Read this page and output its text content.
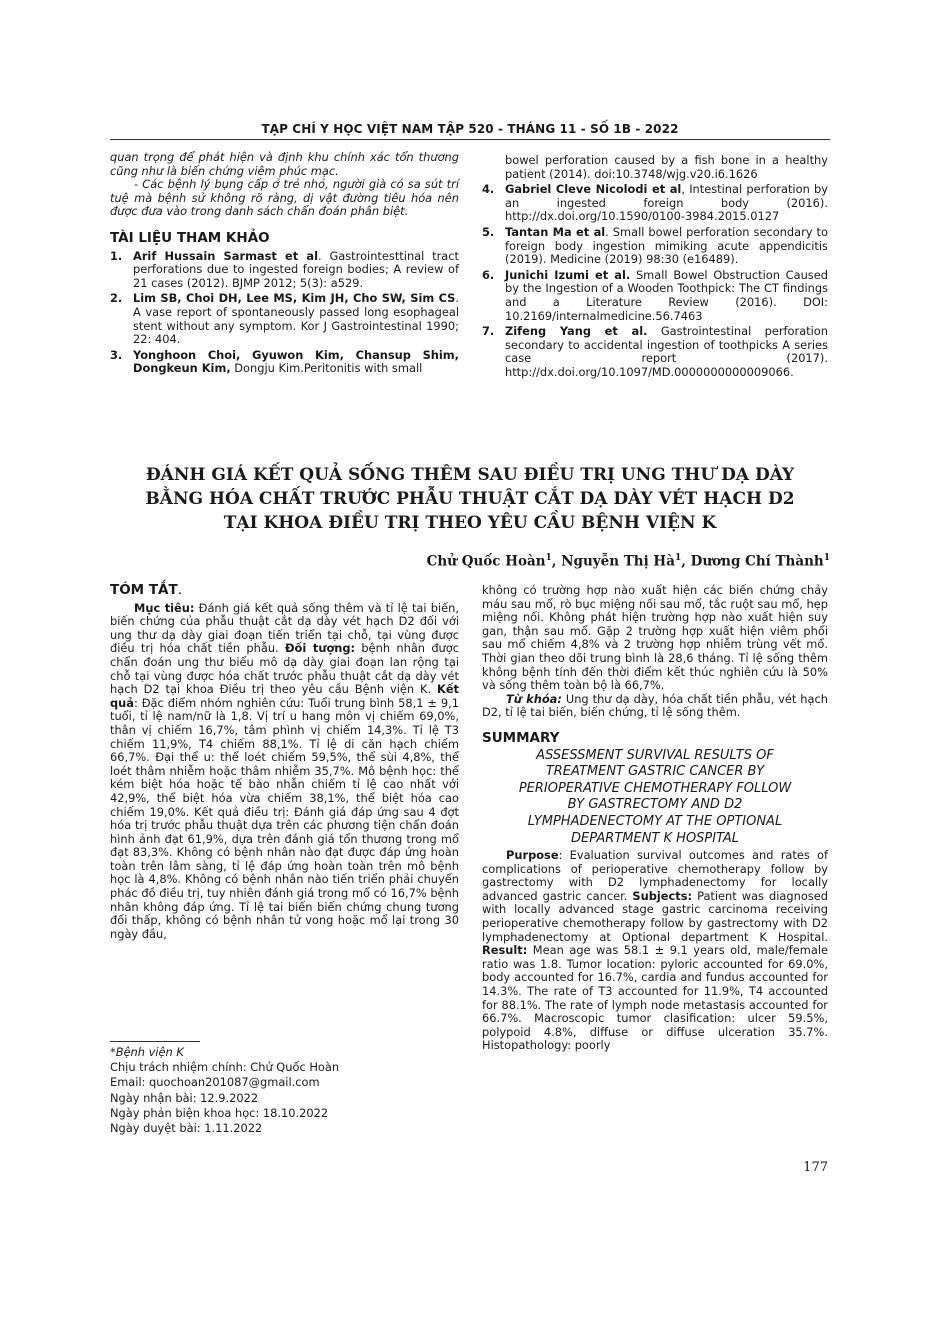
TẠP CHÍ Y HỌC VIỆT NAM TẬP 520 - THÁNG 11 - SỐ 1B - 2022

quan trọng để phát hiện và định khu chính xác tổn thương cũng như là biến chứng viêm phúc mạc.

- Các bệnh lý bụng cấp ở trẻ nhỏ, người già có sa sút trí tuệ mà bệnh sử không rõ ràng, dị vật đường tiêu hóa nên được đưa vào trong danh sách chẩn đoán phân biệt.

TÀI LIỆU THAM KHẢO
1. Arif Hussain Sarmast et al. Gastrointesttinal tract perforations due to ingested foreign bodies; A review of 21 cases (2012). BJMP 2012; 5(3): a529.
2. Lim SB, Choi DH, Lee MS, Kim JH, Cho SW, Sim CS. A vase report of spontaneously passed long esophageal stent without any symptom. Kor J Gastrointestinal 1990; 22: 404.
3. Yonghoon Choi, Gyuwon Kim, Chansup Shim, Dongkeun Kim, Dongju Kim.Peritonitis with small
bowel perforation caused by a fish bone in a healthy patient (2014). doi:10.3748/wjg.v20.i6.1626
4. Gabriel Cleve Nicolodi et al, Intestinal perforation by an ingested foreign body (2016). http://dx.doi.org/10.1590/0100-3984.2015.0127
5. Tantan Ma et al. Small bowel perforation secondary to foreign body ingestion mimiking acute appendicitis (2019). Medicine (2019) 98:30 (e16489).
6. Junichi Izumi et al. Small Bowel Obstruction Caused by the Ingestion of a Wooden Toothpick: The CT findings and a Literature Review (2016). DOI: 10.2169/internalmedicine.56.7463
7. Zifeng Yang et al. Gastrointestinal perforation secondary to accidental ingestion of toothpicks A series case report (2017). http://dx.doi.org/10.1097/MD.0000000000009066.
ĐÁNH GIÁ KẾT QUẢ SỐNG THÊM SAU ĐIỀU TRỊ UNG THƯ DẠ DÀY
BẰNG HÓA CHẤT TRƯỚC PHẪU THUẬT CẮT DẠ DÀY VÉT HẠCH D2
TẠI KHOA ĐIỀU TRỊ THEO YÊU CẦU BỆNH VIỆN K
Chử Quốc Hoàn$^1$, Nguyễn Thị $Hà^1$, Dương Chí Thành$^1$
TÓM TẮT.

Mục tiêu: Đánh giá kết quả sống thêm và tỉ lệ tai biến, biến chứng của phẫu thuật cắt dạ dày vét hạch D2 đối với ung thư dạ dày giai đoạn tiến triển tại chỗ, tại vùng được điều trị hóa chất tiền phẫu. Đối tượng: bệnh nhân được chẩn đoán ung thư biểu mô dạ dày giai đoạn lan rộng tại chỗ tại vùng được hóa chất trước phẫu thuật cắt dạ dày vét hạch D2 tại khoa Điều trị theo yêu cầu Bệnh viện K. Kết quả: Đặc điểm nhóm nghiên cứu: Tuổi trung bình 58,1 ± 9,1 tuổi, tỉ lệ nam/nữ là 1,8. Vị trí u hang môn vị chiếm 69,0%, thân vị chiếm 16,7%, tâm phình vị chiếm 14,3%. Tỉ lệ T3 chiếm 11,9%, T4 chiếm 88,1%. Tỉ lệ di căn hạch chiếm 66,7%. Đại thể u: thể loét chiếm 59,5%, thể sùi 4,8%, thể loét thâm nhiễm hoặc thâm nhiễm 35,7%. Mô bệnh học: thể kém biệt hóa hoặc tế bào nhẫn chiếm tỉ lệ cao nhất với 42,9%, thể biệt hóa vừa chiếm 38,1%, thể biệt hóa cao chiếm 19,0%. Kết quả điều trị: Đánh giá đáp ứng sau 4 đợt hóa trị trước phẫu thuật dựa trên các phương tiện chẩn đoán hình ảnh đạt 61,9%, dựa trên đánh giá tổn thương trong mổ đạt 83,3%. Không có bệnh nhân nào đạt được đáp ứng hoàn toàn trên lâm sàng, tỉ lệ đáp ứng hoàn toàn trên mô bệnh học là 4,8%. Không có bệnh nhân nào tiến triển phải chuyển phác đồ điều trị, tuy nhiên đánh giá trong mổ có 16,7% bệnh nhân không đáp ứng. Tỉ lệ tai biến biến chứng chung tương đối thấp, không có bệnh nhân tử vong hoặc mổ lại trong 30 ngày đầu,

*Bệnh viện K
Chịu trách nhiệm chính: Chử Quốc Hoàn
Email: quochoan201087@gmail.com
Ngày nhận bài: 12.9.2022
Ngày phản biện khoa học: 18.10.2022
Ngày duyệt bài: 1.11.2022

không có trường hợp nào xuất hiện các biến chứng chảy máu sau mổ, rò bục miệng nối sau mổ, tắc ruột sau mổ, hẹp miệng nối. Không phát hiện trường hợp nào xuất hiện suy gan, thận sau mổ. Gặp 2 trường hợp xuất hiện viêm phổi sau mổ chiếm 4,8% và 2 trường hợp nhiễm trùng vết mổ. Thời gian theo dõi trung bình là 28,6 tháng. Tỉ lệ sống thêm không bệnh tính đến thời điểm kết thúc nghiên cứu là 50% và sống thêm toàn bộ là 66,7%.

Từ khóa: Ung thư dạ dày, hóa chất tiền phẫu, vét hạch D2, tỉ lệ tai biến, biến chứng, tỉ lệ sống thêm.

SUMMARY
ASSESSMENT SURVIVAL RESULTS OF
TREATMENT GASTRIC CANCER BY
PERIOPERATIVE CHEMOTHERAPY FOLLOW
BY GASTRECTOMY AND D2
LYMPHADENECTOMY AT THE OPTIONAL
DEPARTMENT K HOSPITAL

Purpose: Evaluation survival outcomes and rates of complications of perioperative chemotherapy follow by gastrectomy with D2 lymphadenectomy for locally advanced gastric cancer. Subjects: Patient was diagnosed with locally advanced stage gastric carcinoma receiving perioperative chemotherapy follow by gastrectomy with D2 lymphadenectomy at Optional department K Hospital. Result: Mean age was 58.1 ± 9.1 years old, male/female ratio was 1.8. Tumor location: pyloric accounted for 69.0%, body accounted for 16.7%, cardia and fundus accounted for 14.3%. The rate of T3 accounted for 11.9%, T4 accounted for 88.1%. The rate of lymph node metastasis accounted for 66.7%. Macroscopic tumor clasification: ulcer 59.5%, polypoid 4.8%, diffuse or diffuse ulceration 35.7%. Histopathology: poorly

177
